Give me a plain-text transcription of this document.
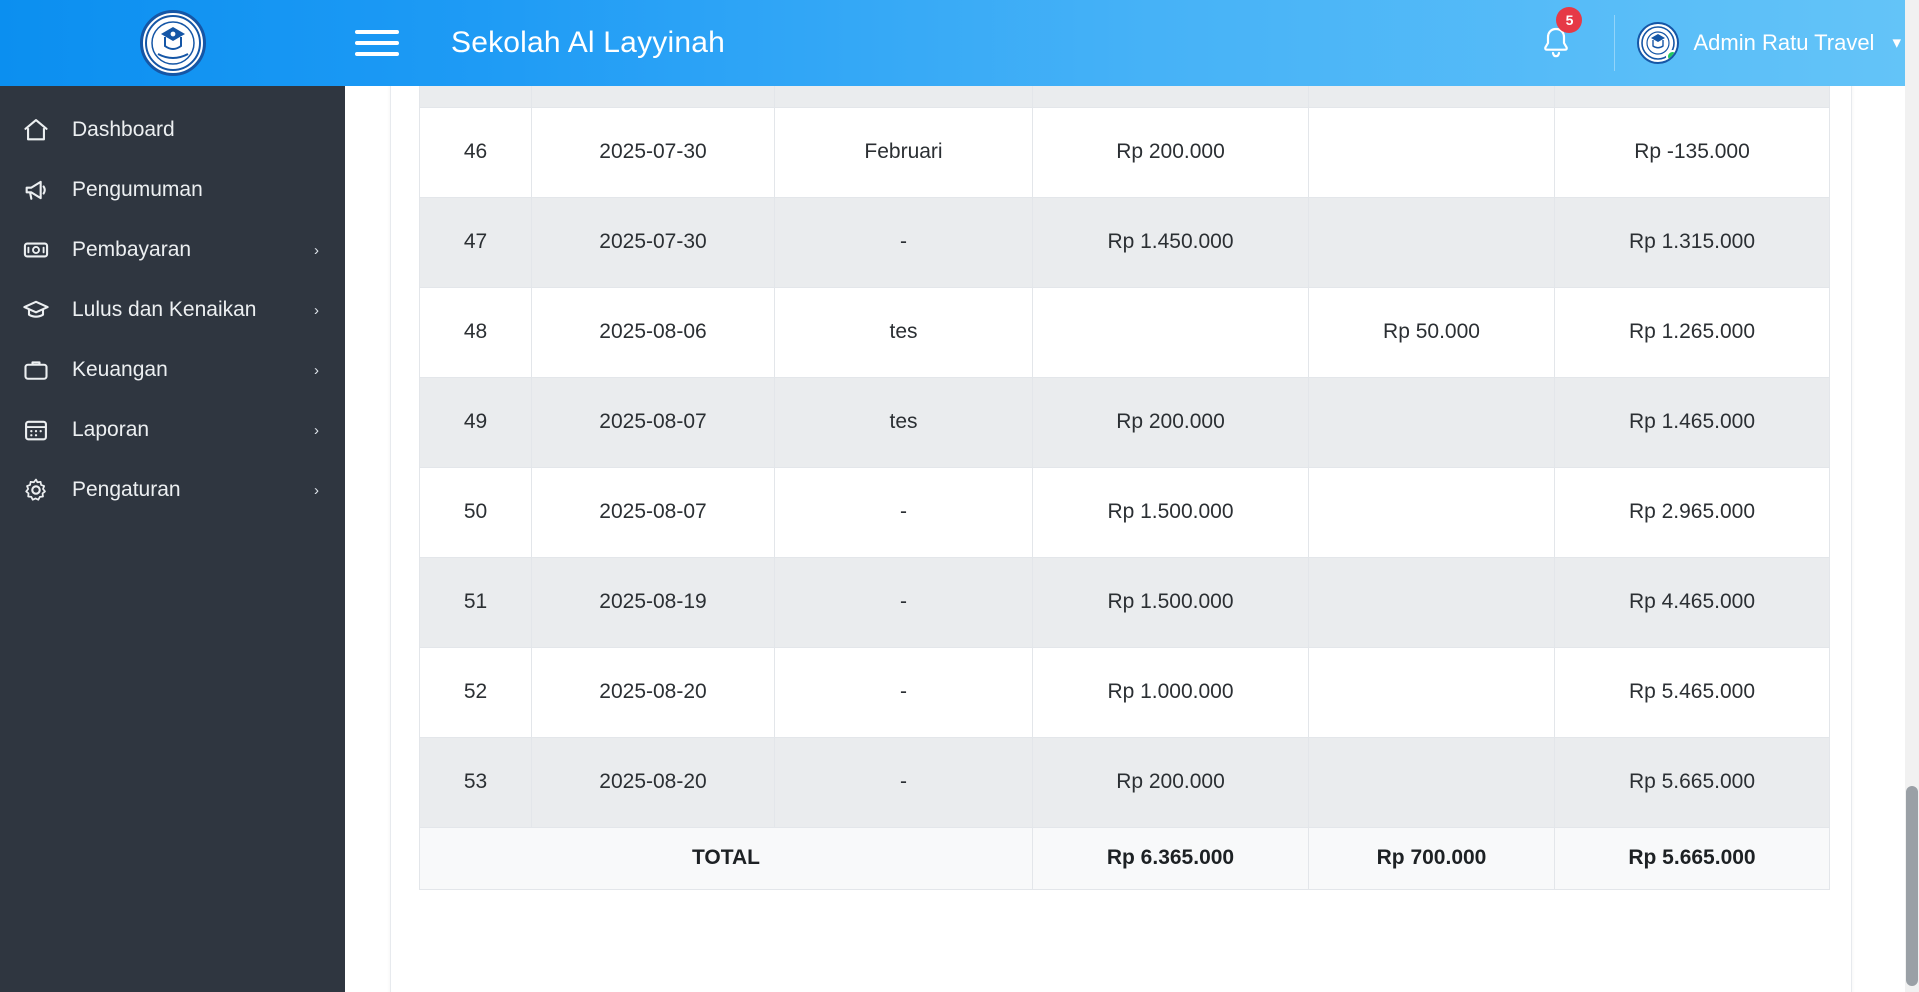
Sekolah Al Layyinah
5
Admin Ratu Travel ▾
Dashboard
Pengumuman
Pembayaran	›
Lulus dan Kenaikan	›
Keuangan	›
Laporan	›
Pengaturan	›

46	2025-07-30	Februari	Rp 200.000		Rp -135.000
47	2025-07-30	-	Rp 1.450.000		Rp 1.315.000
48	2025-08-06	tes		Rp 50.000	Rp 1.265.000
49	2025-08-07	tes	Rp 200.000		Rp 1.465.000
50	2025-08-07	-	Rp 1.500.000		Rp 2.965.000
51	2025-08-19	-	Rp 1.500.000		Rp 4.465.000
52	2025-08-20	-	Rp 1.000.000		Rp 5.465.000
53	2025-08-20	-	Rp 200.000		Rp 5.665.000
TOTAL			Rp 6.365.000	Rp 700.000	Rp 5.665.000
